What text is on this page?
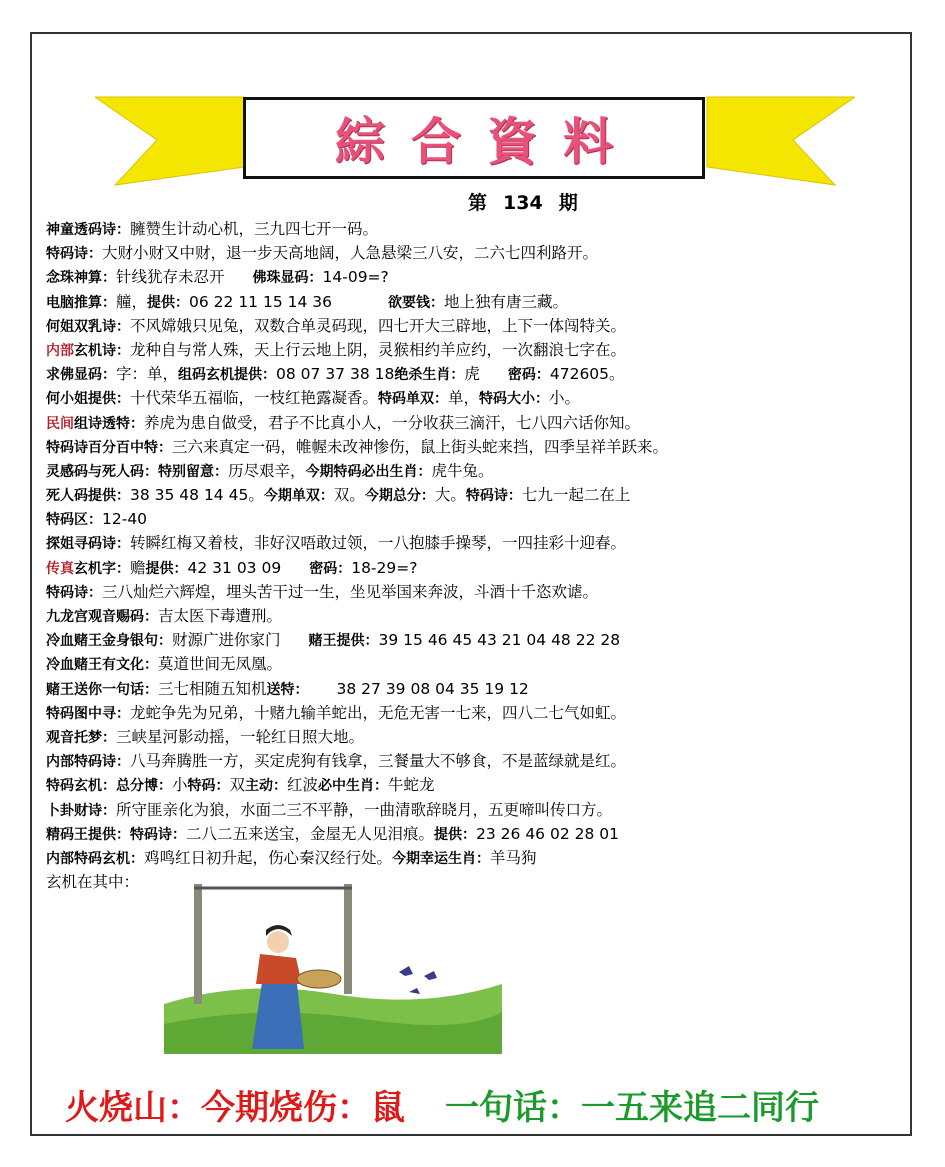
綜合資料
第 134 期
神童透码诗：臃赞生计动心机，三九四七开一码。
特码诗：大财小财又中财，退一步天高地阔，人急悬梁三八安，二六七四利路开。
念珠神算：针线犹存未忍开 佛珠显码：14-09=?
电脑推算：艟，提供：06 22 11 15 14 36	欲要钱：地上独有唐三藏。
何姐双乳诗：不风嫦娥只见兔，双数合单灵码现，四七开大三辟地，上下一体闯特关。
内部玄机诗：龙种自与常人殊，天上行云地上阴，灵猴相约羊应约，一次翻浪七字在。
求佛显码：字：单，组码玄机提供：08 07 37 38 18绝杀生肖：虎 密码：472605。
何小姐提供：十代荣华五福临，一枝红艳露凝香。特码单双：单，特码大小：小。
民间组诗透特：养虎为患自做受，君子不比真小人，一分收获三滴汗，七八四六话你知。
特码诗百分百中特：三六来真定一码，帷幄未改神惨伤，鼠上街头蛇来挡，四季呈祥羊跃来。
灵感码与死人码：特别留意：历尽艰辛，今期特码必出生肖：虎牛兔。
死人码提供：38 35 48 14 45。今期单双：双。今期总分：大。特码诗：七九一起二在上
特码区：12-40
探姐寻码诗：转瞬红梅又着枝，非好汉唔敢过领，一八抱膝手操琴，一四挂彩十迎春。
传真玄机字：赡提供：42 31 03 09 密码：18-29=?
特码诗：三八灿烂六辉煌，埋头苦干过一生，坐见举国来奔波，斗酒十千恣欢谑。
九龙宫观音赐码：吉太医下毒遭刑。
冷血赌王金身银句：财源广进你家门 赌王提供：39 15 46 45 43 21 04 48 22 28
冷血赌王有文化：莫道世间无凤凰。
赌王送你一句话：三七相随五知机送特： 38 27 39 08 04 35 19 12
特码图中寻：龙蛇争先为兄弟，十赌九输羊蛇出，无危无害一七来，四八二七气如虹。
观音托梦：三峡星河影动摇，一轮红日照大地。
内部特码诗：八马奔腾胜一方，买定虎狗有钱拿，三餐量大不够食，不是蓝绿就是红。
特码玄机：总分博：小特码：双主动：红波必中生肖：牛蛇龙
卜卦财诗：所守匪亲化为狼，水面二三不平静，一曲清歌辞晓月，五更啼叫传口方。
精码王提供：特码诗：二八二五来送宝，金屋无人见泪痕。提供：23 26 46 02 28 01
内部特码玄机：鸡鸣红日初升起，伤心秦汉经行处。今期幸运生肖：羊马狗
玄机在其中：
火烧山：今期烧伤：鼠 一句话：一五来追二同行
